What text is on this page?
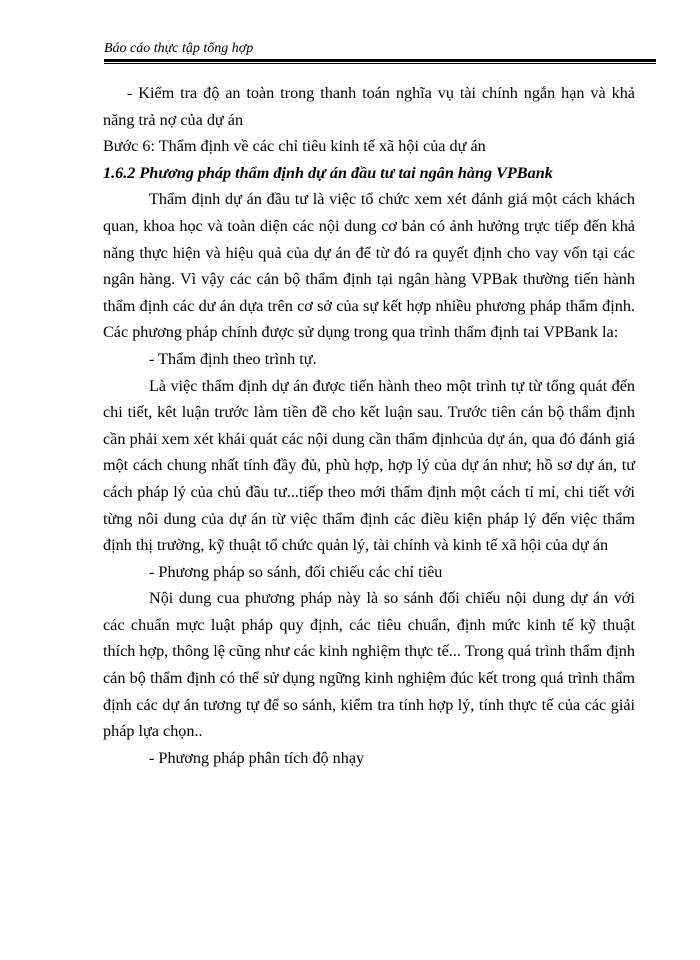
Báo cáo thực tập tổng hợp

- Kiểm tra độ an toàn trong thanh toán nghĩa vụ tài chính ngắn hạn và khả năng trả nợ của dự án

Bước 6: Thẩm định về các chỉ tiêu kinh tế xã hội của dự án

1.6.2 Phương pháp thẩm định dự án đầu tư tai ngân hàng VPBank

Thẩm định dự án đầu tư là việc tổ chức xem xét đánh giá một cách khách quan, khoa học và toàn diện các nội dung cơ bản có ảnh hưởng trực tiếp đến khả năng thực hiện và hiệu quả của dự án để từ đó ra quyết định cho vay vốn tại các ngân hàng. Vì vậy các cán bộ thẩm định tại ngân hàng VPBak thường tiến hành thẩm định các dư án dựa trên cơ sở của sự kết hợp nhiều phương pháp thẩm định. Các phương pháp chính được sử dụng trong qua trình thẩm định tai VPBank la:

- Thẩm định theo trình tự.

Là việc thẩm định dự án được tiến hành theo một trình tự từ tổng quát đến chi tiết, kêt luận trước làm tiền đề cho kết luận sau. Trước tiên cán bộ thẩm định cần phải xem xét khái quát các nội dung cần thẩm địnhcủa dự án, qua đó đánh giá một cách chung nhất tính đầy đủ, phù hợp, hợp lý của dự án như; hồ sơ dự án, tư cách pháp lý của chủ đầu tư...tiếp theo mới thẩm định một cách tỉ mỉ, chi tiết với từng nôi dung của dự án từ việc thẩm định các điều kiện pháp lý đến việc thẩm định thị trường, kỹ thuật tổ chức quản lý, tài chính và kinh tế xã hội của dự án

- Phương pháp so sánh, đối chiếu các chỉ tiêu

Nội dung cua phương pháp này là so sánh đối chiếu nội dung dự án với các chuẩn mực luật pháp quy định, các tiêu chuẩn, định mức kinh tế kỹ thuật thích hợp, thông lệ cũng như các kinh nghiệm thực tế... Trong quá trình thẩm định cán bộ thẩm định có thể sử dụng ngững kinh nghiệm đúc kết trong quá trình thẩm định các dự án tương tự để so sánh, kiểm tra tính hợp lý, tính thực tế của các giải pháp lựa chọn..

- Phương pháp phân tích độ nhạy
